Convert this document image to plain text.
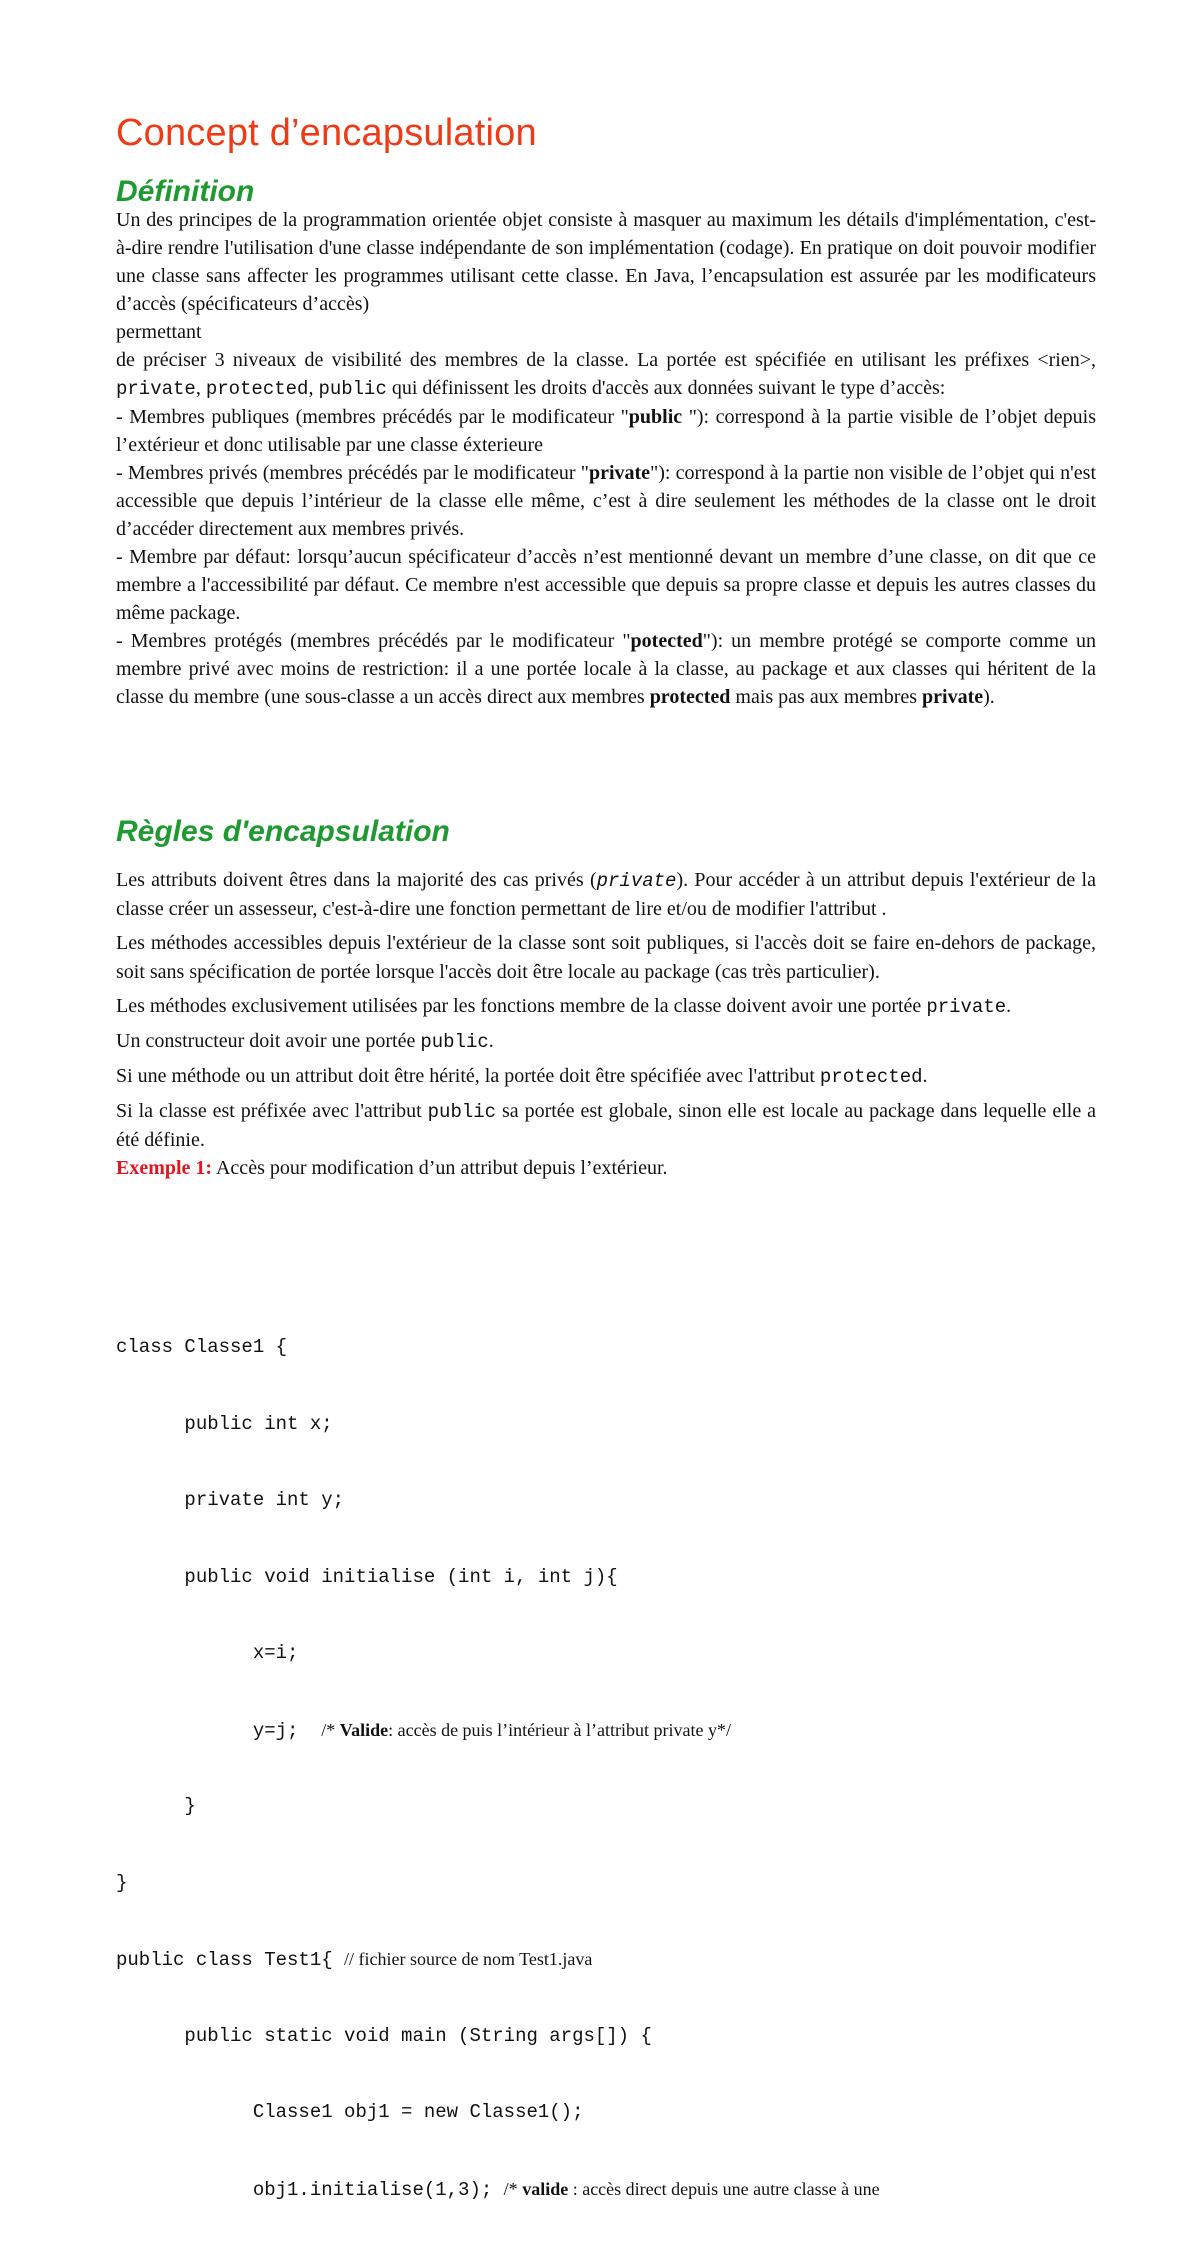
Concept d’encapsulation
Définition

Un des principes de la programmation orientée objet consiste à masquer au maximum les détails d'implémentation, c'est-à-dire rendre l'utilisation d'une classe indépendante de son implémentation (codage). En pratique on doit pouvoir modifier une classe sans affecter les programmes utilisant cette classe. En Java, l’encapsulation est assurée par les modificateurs d’accès (spécificateurs d’accès)
permettant

de préciser 3 niveaux de visibilité des membres de la classe. La portée est spécifiée en utilisant les préfixes <rien>, private, protected, public qui définissent les droits d'accès aux données suivant le type d’accès:

- Membres publiques (membres précédés par le modificateur "public "): correspond à la partie visible de l’objet depuis l’extérieur et donc utilisable par une classe éxterieure

- Membres privés (membres précédés par le modificateur "private"): correspond à la partie non visible de l’objet qui n'est accessible que depuis l’intérieur de la classe elle même, c’est à dire seulement les méthodes de la classe ont le droit d’accéder directement aux membres privés.

- Membre par défaut: lorsqu’aucun spécificateur d’accès n’est mentionné devant un membre d’une classe, on dit que ce membre a l'accessibilité par défaut. Ce membre n'est accessible que depuis sa propre classe et depuis les autres classes du même package.

- Membres protégés (membres précédés par le modificateur "potected"): un membre protégé se comporte comme un membre privé avec moins de restriction: il a une portée locale à la classe, au package et aux classes qui héritent de la classe du membre (une sous-classe a un accès direct aux membres protected mais pas aux membres private).

Règles d'encapsulation

Les attributs doivent êtres dans la majorité des cas privés (private). Pour accéder à un attribut depuis l'extérieur de la classe créer un assesseur, c'est-à-dire une fonction permettant de lire et/ou de modifier l'attribut .

Les méthodes accessibles depuis l'extérieur de la classe sont soit publiques, si l'accès doit se faire en-dehors de package, soit sans spécification de portée lorsque l'accès doit être locale au package (cas très particulier).

Les méthodes exclusivement utilisées par les fonctions membre de la classe doivent avoir une portée private.

Un constructeur doit avoir une portée public.

Si une méthode ou un attribut doit être hérité, la portée doit être spécifiée avec l'attribut protected.

Si la classe est préfixée avec l'attribut public sa portée est globale, sinon elle est locale au package dans lequelle elle a été définie.

Exemple 1: Accès pour modification d’un attribut depuis l’extérieur.

class Classe1 {

public int x;

private int y;

public void initialise (int i, int j){

x=i;

y=j;  /* Valide: accès de puis l’intérieur à l’attribut private y*/

}

}

public class Test1{ // fichier source de nom Test1.java

public static void main (String args[]) {

Classe1 obj1 = new Classe1();

obj1.initialise(1,3); /* valide : accès direct depuis une autre classe à une
